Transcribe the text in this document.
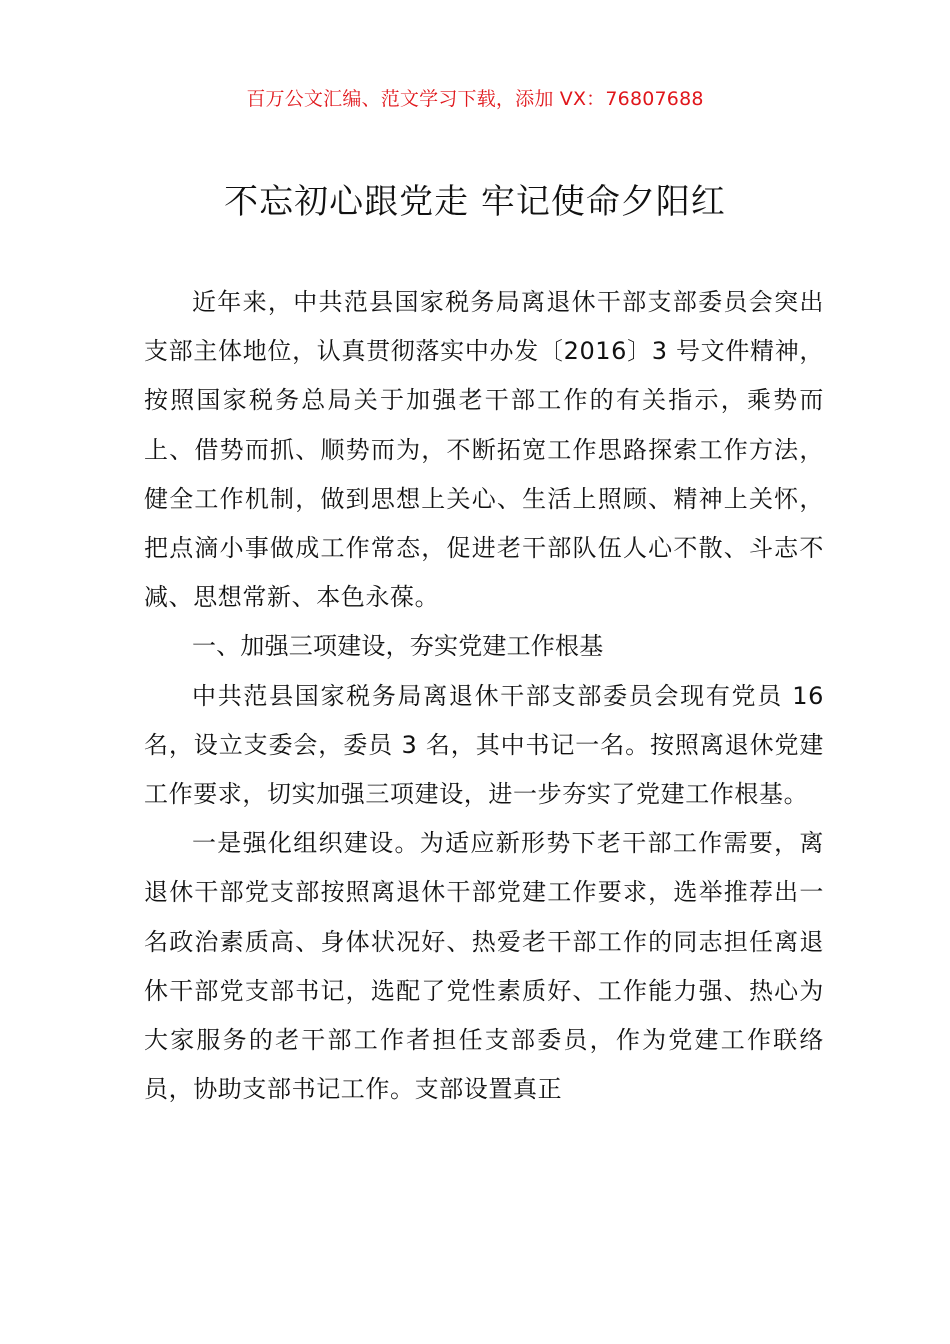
百万公文汇编、范文学习下载，添加 VX：76807688
不忘初心跟党走 牢记使命夕阳红

近年来，中共范县国家税务局离退休干部支部委员会突出支部主体地位，认真贯彻落实中办发〔2016〕3 号文件精神，按照国家税务总局关于加强老干部工作的有关指示，乘势而上、借势而抓、顺势而为，不断拓宽工作思路探索工作方法，健全工作机制，做到思想上关心、生活上照顾、精神上关怀，把点滴小事做成工作常态，促进老干部队伍人心不散、斗志不减、思想常新、本色永葆。

一、加强三项建设，夯实党建工作根基

中共范县国家税务局离退休干部支部委员会现有党员 16 名，设立支委会，委员 3 名，其中书记一名。按照离退休党建工作要求，切实加强三项建设，进一步夯实了党建工作根基。

一是强化组织建设。为适应新形势下老干部工作需要，离退休干部党支部按照离退休干部党建工作要求，选举推荐出一名政治素质高、身体状况好、热爱老干部工作的同志担任离退休干部党支部书记，选配了党性素质好、工作能力强、热心为大家服务的老干部工作者担任支部委员，作为党建工作联络员，协助支部书记工作。支部设置真正
